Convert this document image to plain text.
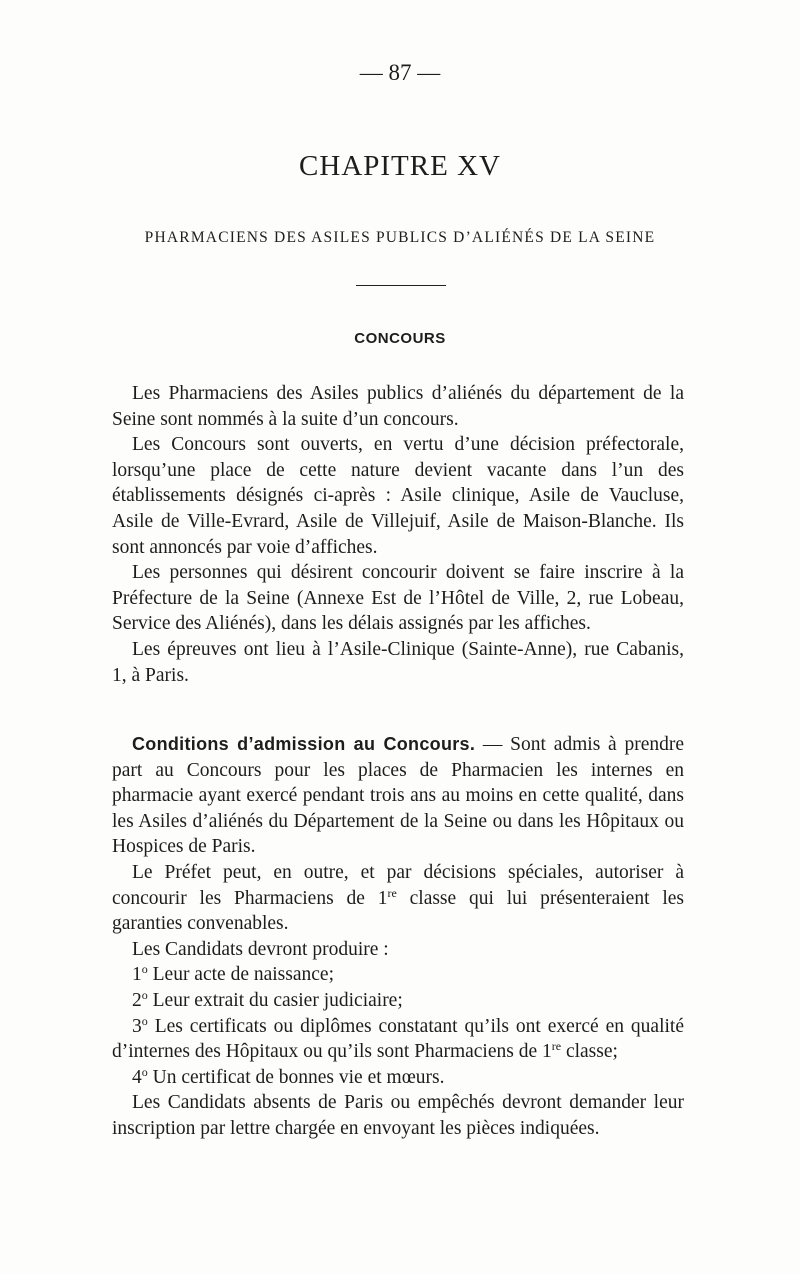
— 87 —
CHAPITRE XV
PHARMACIENS DES ASILES PUBLICS D’ALIÉNÉS DE LA SEINE
CONCOURS

Les Pharmaciens des Asiles publics d’aliénés du département de la Seine sont nommés à la suite d’un concours.

Les Concours sont ouverts, en vertu d’une décision préfectorale, lorsqu’une place de cette nature devient vacante dans l’un des établissements désignés ci-après : Asile clinique, Asile de Vaucluse, Asile de Ville-Evrard, Asile de Villejuif, Asile de Maison-Blanche. Ils sont annoncés par voie d’affiches.

Les personnes qui désirent concourir doivent se faire inscrire à la Préfecture de la Seine (Annexe Est de l’Hôtel de Ville, 2, rue Lobeau, Service des Aliénés), dans les délais assignés par les affiches.

Les épreuves ont lieu à l’Asile-Clinique (Sainte-Anne), rue Cabanis, 1, à Paris.

Conditions d’admission au Concours. — Sont admis à prendre part au Concours pour les places de Pharmacien les internes en pharmacie ayant exercé pendant trois ans au moins en cette qualité, dans les Asiles d’aliénés du Département de la Seine ou dans les Hôpitaux ou Hospices de Paris.

Le Préfet peut, en outre, et par décisions spéciales, autoriser à concourir les Pharmaciens de 1re classe qui lui présenteraient les garanties convenables.

Les Candidats devront produire :

1$^o$ Leur acte de naissance;

2$^o$ Leur extrait du casier judiciaire;

3$^o$ Les certificats ou diplômes constatant qu’ils ont exercé en qualité d’internes des Hôpitaux ou qu’ils sont Pharmaciens de 1re classe;

4$^o$ Un certificat de bonnes vie et mœurs.

Les Candidats absents de Paris ou empêchés devront demander leur inscription par lettre chargée en envoyant les pièces indiquées.
